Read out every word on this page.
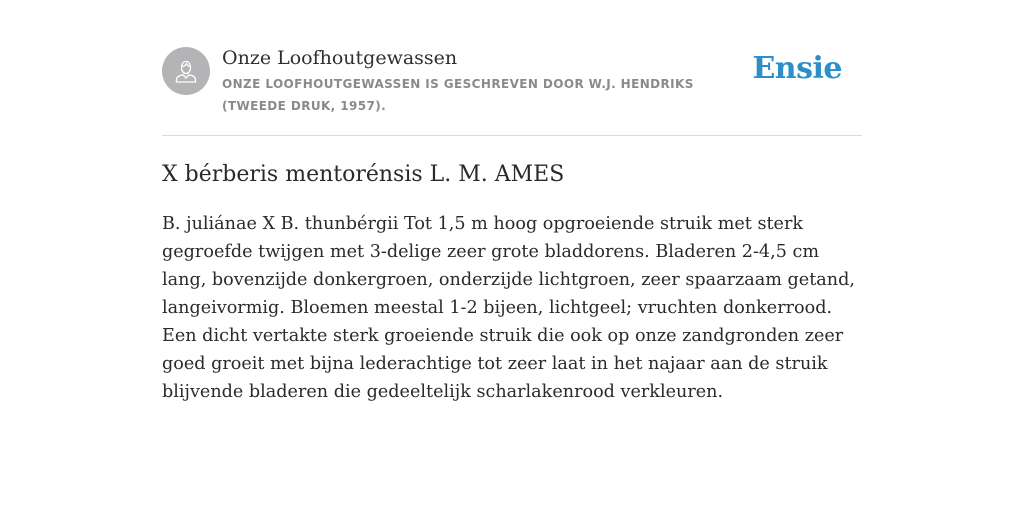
Onze Loofhoutgewassen

ONZE LOOFHOUTGEWASSEN IS GESCHREVEN DOOR W.J. HENDRIKS (TWEEDE DRUK, 1957).
Ensie
X bérberis mentorénsis L. M. AMES

B. juliánae X B. thunbérgii Tot 1,5 m hoog opgroeiende struik met sterk gegroefde twijgen met 3-delige zeer grote bladdorens. Bladeren 2-4,5 cm lang, bovenzijde donkergroen, onderzijde lichtgroen, zeer spaarzaam getand, langeivormig. Bloemen meestal 1-2 bijeen, lichtgeel; vruchten donkerrood. Een dicht vertakte sterk groeiende struik die ook op onze zandgronden zeer goed groeit met bijna lederachtige tot zeer laat in het najaar aan de struik blijvende bladeren die gedeeltelijk scharlakenrood verkleuren.
